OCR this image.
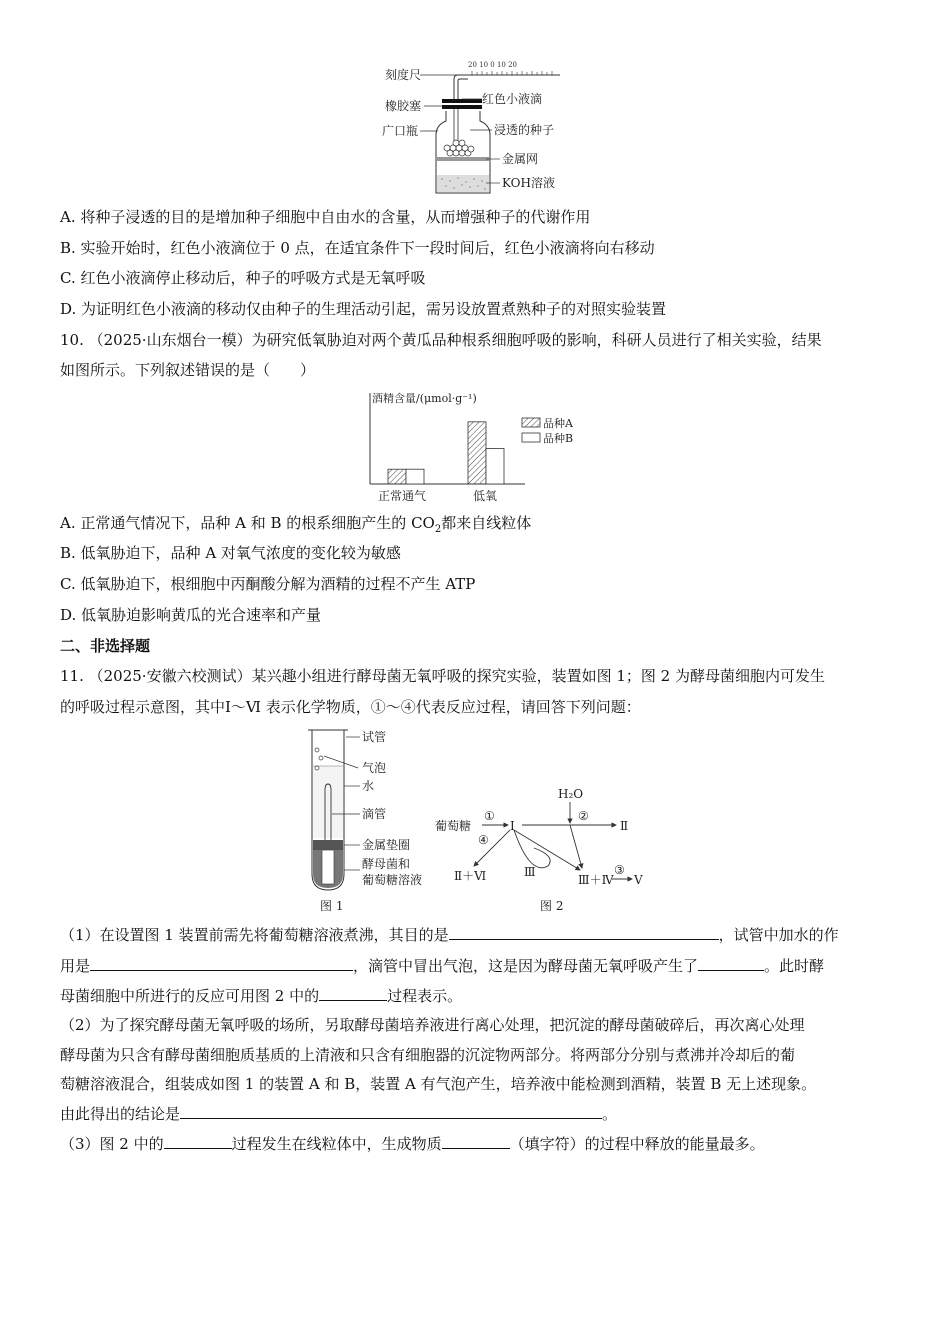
20 10 0 10 20
刻度尺
橡胶塞
广口瓶
红色小液滴
浸透的种子
金属网
KOH溶液
A. 将种子浸透的目的是增加种子细胞中自由水的含量，从而增强种子的代谢作用
B. 实验开始时，红色小液滴位于 0 点，在适宜条件下一段时间后，红色小液滴将向右移动
C. 红色小液滴停止移动后，种子的呼吸方式是无氧呼吸
D. 为证明红色小液滴的移动仅由种子的生理活动引起，需另设放置煮熟种子的对照实验装置
10. （2025·山东烟台一模）为研究低氧胁迫对两个黄瓜品种根系细胞呼吸的影响，科研人员进行了相关实验，结果
如图所示。下列叙述错误的是（　　）
酒精含量/(μmol·g⁻¹)
正常通气	低氧
品种A
品种B
A. 正常通气情况下，品种 A 和 B 的根系细胞产生的 $CO_2$都来自线粒体
B. 低氧胁迫下，品种 A 对氧气浓度的变化较为敏感
C. 低氧胁迫下，根细胞中丙酮酸分解为酒精的过程不产生 ATP
D. 低氧胁迫影响黄瓜的光合速率和产量
二、非选择题
11. （2025·安徽六校测试）某兴趣小组进行酵母菌无氧呼吸的探究实验，装置如图 1；图 2 为酵母菌细胞内可发生
的呼吸过程示意图，其中Ⅰ～Ⅵ 表示化学物质，①～④代表反应过程，请回答下列问题：
试管
气泡
水
滴管
金属垫圈
酵母菌和
葡萄糖溶液
图 1
葡萄糖
①
Ⅰ	Ⅱ
H₂O
②
Ⅲ
④
Ⅱ＋Ⅵ	Ⅲ＋Ⅳ
③
Ⅴ
图 2
（1）在设置图 1 装置前需先将葡萄糖溶液煮沸，其目的是	，试管中加水的作
用是	，滴管中冒出气泡，这是因为酵母菌无氧呼吸产生了	。此时酵
母菌细胞中所进行的反应可用图 2 中的	过程表示。
（2）为了探究酵母菌无氧呼吸的场所，另取酵母菌培养液进行离心处理，把沉淀的酵母菌破碎后，再次离心处理
酵母菌为只含有酵母菌细胞质基质的上清液和只含有细胞器的沉淀物两部分。将两部分分别与煮沸并冷却后的葡
萄糖溶液混合，组装成如图 1 的装置 A 和 B，装置 A 有气泡产生，培养液中能检测到酒精，装置 B 无上述现象。
由此得出的结论是	。
（3）图 2 中的	过程发生在线粒体中，生成物质	（填字符）的过程中释放的能量最多。
